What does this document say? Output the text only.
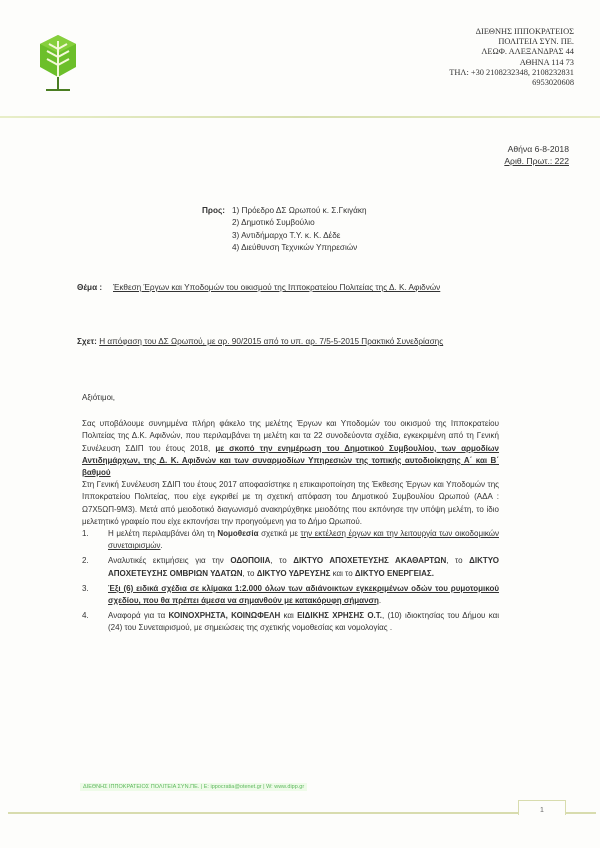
ΔΙΕΘΝΗΣ ΙΠΠΟΚΡΑΤΕΙΟΣ
ΠΟΛΙΤΕΙΑ ΣΥΝ. ΠΕ.
ΛΕΩΦ. ΑΛΕΞΑΝΔΡΑΣ 44
ΑΘΗΝΑ 114 73
ΤΗΛ: +30 2108232348, 2108232831
6953020608
Αθήνα 6-8-2018
Αριθ. Πρωτ.: 222
Προς: 1) Πρόεδρο ΔΣ Ωρωπού κ. Σ.Γκιγάκη
2) Δημοτικό Συμβούλιο
3) Αντιδήμαρχο Τ.Υ. κ. Κ. Δέδε
4) Διεύθυνση Τεχνικών Υπηρεσιών
Θέμα : Έκθεση Έργων και Υποδομών του οικισμού της Ιπποκρατείου Πολιτείας της Δ. Κ. Αφιδνών
Σχετ: Η απόφαση του ΔΣ Ωρωπού, με αρ. 90/2015 από το υπ. αρ. 7/5-5-2015 Πρακτικό Συνεδρίασης

Αξιότιμοι,

Σας υποβάλουμε συνημμένα πλήρη φάκελο της μελέτης Έργων και Υποδομών του οικισμού της Ιπποκρατείου Πολιτείας της Δ.Κ. Αφιδνών, που περιλαμβάνει τη μελέτη και τα 22 συνοδεύοντα σχέδια, εγκεκριμένη από τη Γενική Συνέλευση ΣΔΙΠ του έτους 2018, με σκοπό την ενημέρωση του Δημοτικού Συμβουλίου, των αρμοδίων Αντιδημάρχων, της Δ. Κ. Αφιδνών και των συναρμοδίων Υπηρεσιών της τοπικής αυτοδιοίκησης Α΄ και Β΄ βαθμού

Στη Γενική Συνέλευση ΣΔΙΠ του έτους 2017 αποφασίστηκε η επικαιροποίηση της Έκθεσης Έργων και Υποδομών της Ιπποκρατείου Πολιτείας, που είχε εγκριθεί με τη σχετική απόφαση του Δημοτικού Συμβουλίου Ωρωπού (ΑΔΑ : Ω7Χ5ΩΠ-9Μ3). Μετά από μειοδοτικό διαγωνισμό ανακηρύχθηκε μειοδότης που εκπόνησε την υπόψη μελέτη, το ίδιο μελετητικό γραφείο που είχε εκπονήσει την προηγούμενη για το Δήμο Ωρωπού.

1. Η μελέτη περιλαμβάνει όλη τη Νομοθεσία σχετικά με την εκτέλεση έργων και την λειτουργία των οικοδομικών συνεταιρισμών.
2. Αναλυτικές εκτιμήσεις για την ΟΔΟΠΟΙΙΑ, το ΔΙΚΤΥΟ ΑΠΟΧΕΤΕΥΣΗΣ ΑΚΑΘΑΡΤΩΝ, το ΔΙΚΤΥΟ ΑΠΟΧΕΤΕΥΣΗΣ ΟΜΒΡΙΩΝ ΥΔΑΤΩΝ, το ΔΙΚΤΥΟ ΥΔΡΕΥΣΗΣ και το ΔΙΚΤΥΟ ΕΝΕΡΓΕΙΑΣ.
3. Έξι (6) ειδικά σχέδια σε κλίμακα 1:2.000 όλων των αδιάνοικτων εγκεκριμένων οδών του ρυμοτομικού σχεδίου, που θα πρέπει άμεσα να σημανθούν με κατακόρυφη σήμανση.
4. Αναφορά για τα ΚΟΙΝΟΧΡΗΣΤΑ, ΚΟΙΝΩΦΕΛΗ και ΕΙΔΙΚΗΣ ΧΡΗΣΗΣ Ο.Τ., (10) ιδιοκτησίας του Δήμου και (24) του Συνεταιρισμού, με σημειώσεις της σχετικής νομοθεσίας και νομολογίας .
ΔΙΕΘΝΗΣ ΙΠΠΟΚΡΑΤΕΙΟΣ ΠΟΛΙΤΕΙΑ ΣΥΝ.ΠΕ. | E: ippocratia@otenet.gr | W: www.dipp.gr
1
